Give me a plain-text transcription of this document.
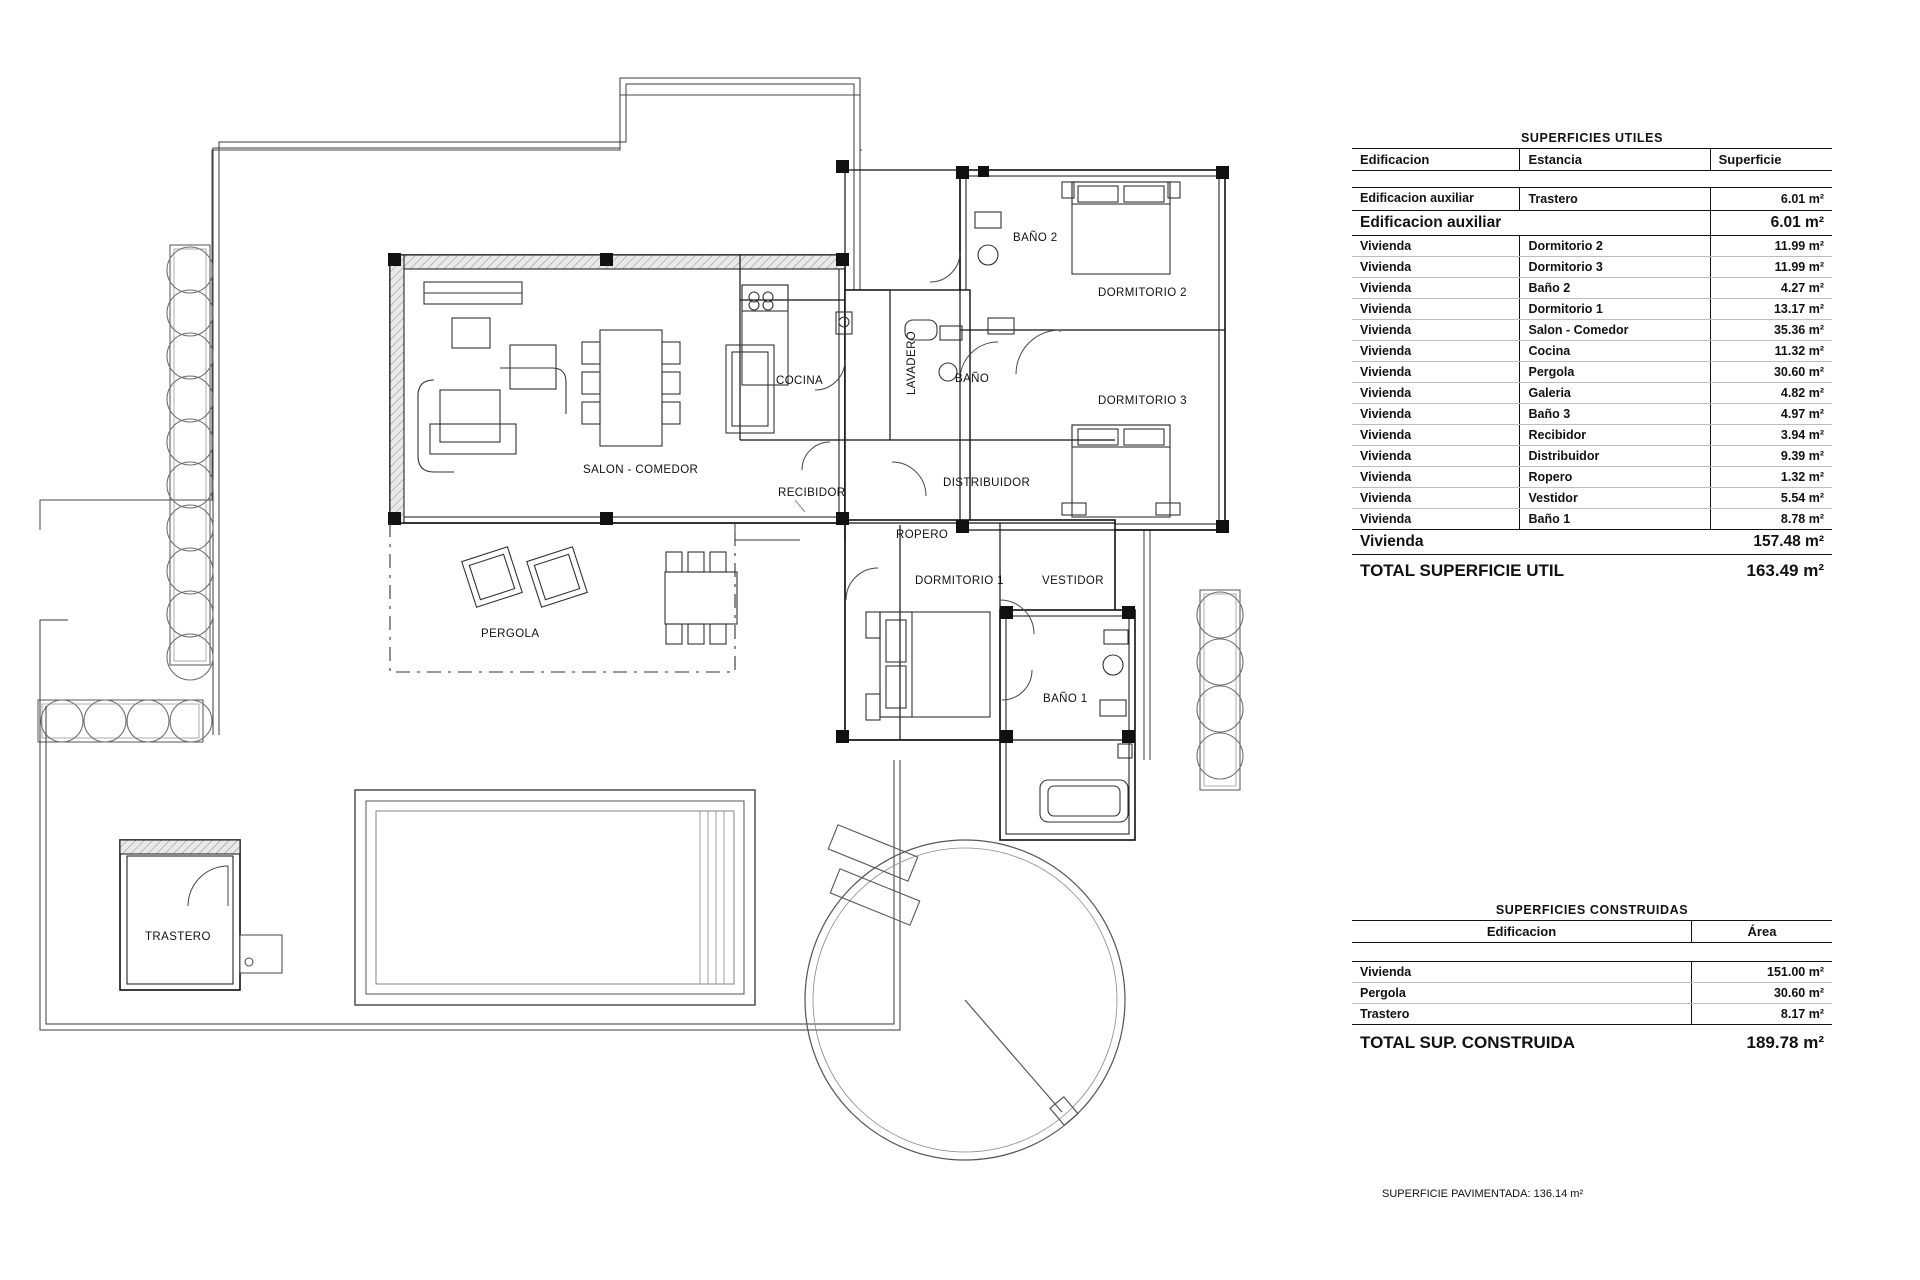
SALON - COMEDOR
COCINA	LAVADERO	BAÑO
BAÑO 2
DORMITORIO 2
DORMITORIO 3
DISTRIBUIDOR
RECIBIDOR
ROPERO
DORMITORIO 1	VESTIDOR
BAÑO 1
PERGOLA
TRASTERO
SUPERFICIES UTILES		
Edificacion	Estancia	Superficie

Edificacion auxiliar	Trastero	6.01 m²
Edificacion auxiliar		6.01 m²
Vivienda	Dormitorio 2	11.99 m²
Vivienda	Dormitorio 3	11.99 m²
Vivienda	Baño 2	4.27 m²
Vivienda	Dormitorio 1	13.17 m²
Vivienda	Salon - Comedor	35.36 m²
Vivienda	Cocina	11.32 m²
Vivienda	Pergola	30.60 m²
Vivienda	Galeria	4.82 m²
Vivienda	Baño 3	4.97 m²
Vivienda	Recibidor	3.94 m²
Vivienda	Distribuidor	9.39 m²
Vivienda	Ropero	1.32 m²
Vivienda	Vestidor	5.54 m²
Vivienda	Baño 1	8.78 m²
Vivienda		157.48 m²
TOTAL SUPERFICIE UTIL		163.49 m²
SUPERFICIES CONSTRUIDAS	
Edificacion	Área

Vivienda	151.00 m²
Pergola	30.60 m²
Trastero	8.17 m²
TOTAL SUP. CONSTRUIDA	189.78 m²
SUPERFICIE PAVIMENTADA: 136.14 m²
